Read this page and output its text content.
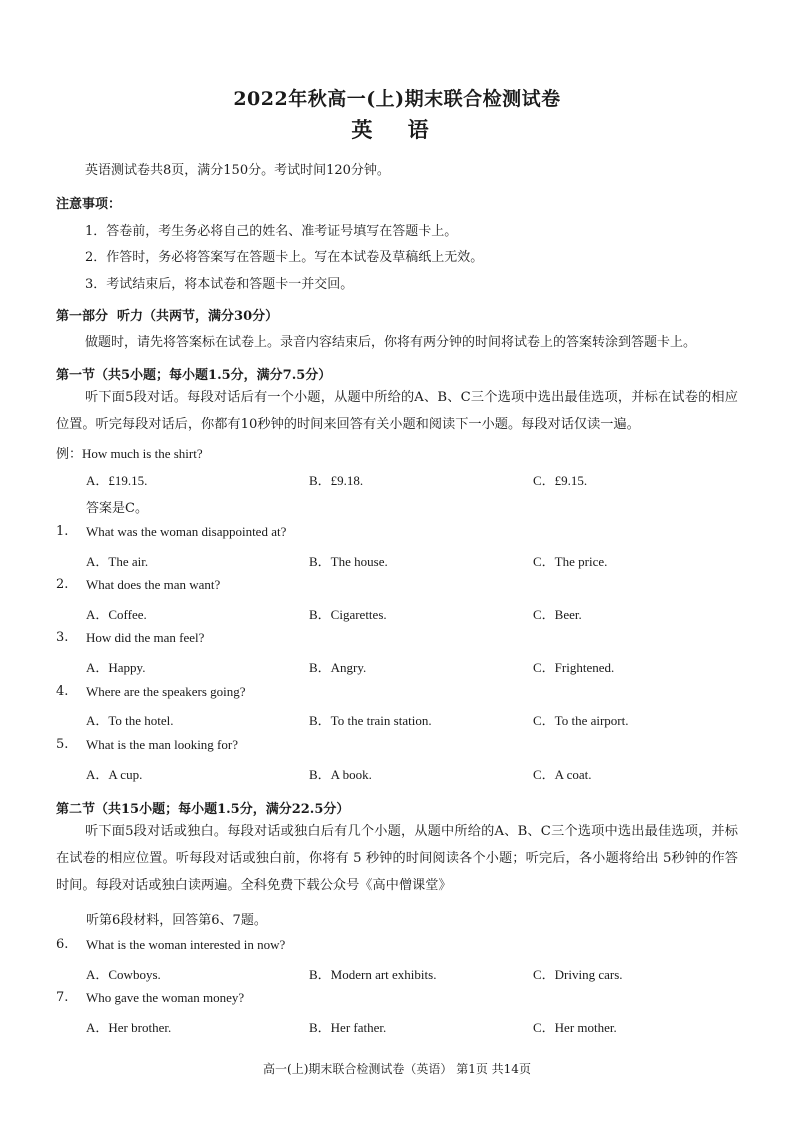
2022年秋高一(上)期末联合检测试卷
英 语
英语测试卷共8页，满分150分。考试时间120分钟。
注意事项：
1．答卷前，考生务必将自己的姓名、准考证号填写在答题卡上。
2．作答时，务必将答案写在答题卡上。写在本试卷及草稿纸上无效。
3．考试结束后，将本试卷和答题卡一并交回。
第一部分  听力（共两节，满分30分）
做题时，请先将答案标在试卷上。录音内容结束后，你将有两分钟的时间将试卷上的答案转涂到答题卡上。
第一节（共5小题；每小题1.5分，满分7.5分）
听下面5段对话。每段对话后有一个小题，从题中所给的A、B、C三个选项中选出最佳选项，并标在试卷的相应位置。听完每段对话后，你都有10秒钟的时间来回答有关小题和阅读下一小题。每段对话仅读一遍。
例：How much is the shirt?
A．£19.15.	B．£9.18.	C．£9.15.
答案是C。
1. What was the woman disappointed at?
A．The air.	B．The house.	C．The price.
2. What does the man want?
A．Coffee.	B．Cigarettes.	C．Beer.
3. How did the man feel?
A．Happy.	B．Angry.	C．Frightened.
4. Where are the speakers going?
A．To the hotel.	B．To the train station.	C．To the airport.
5. What is the man looking for?
A．A cup.	B．A book.	C．A coat.
第二节（共15小题；每小题1.5分，满分22.5分）
听下面5段对话或独白。每段对话或独白后有几个小题，从题中所给的A、B、C三个选项中选出最佳选项，并标在试卷的相应位置。听每段对话或独白前，你将有 5 秒钟的时间阅读各个小题；听完后，各小题将给出 5秒钟的作答时间。每段对话或独白读两遍。全科免费下载公众号《高中僧课堂》
听第6段材料，回答第6、7题。
6. What is the woman interested in now?
A．Cowboys.	B．Modern art exhibits.	C．Driving cars.
7. Who gave the woman money?
A．Her brother.	B．Her father.	C．Her mother.
高一(上)期末联合检测试卷（英语） 第1页 共14页
